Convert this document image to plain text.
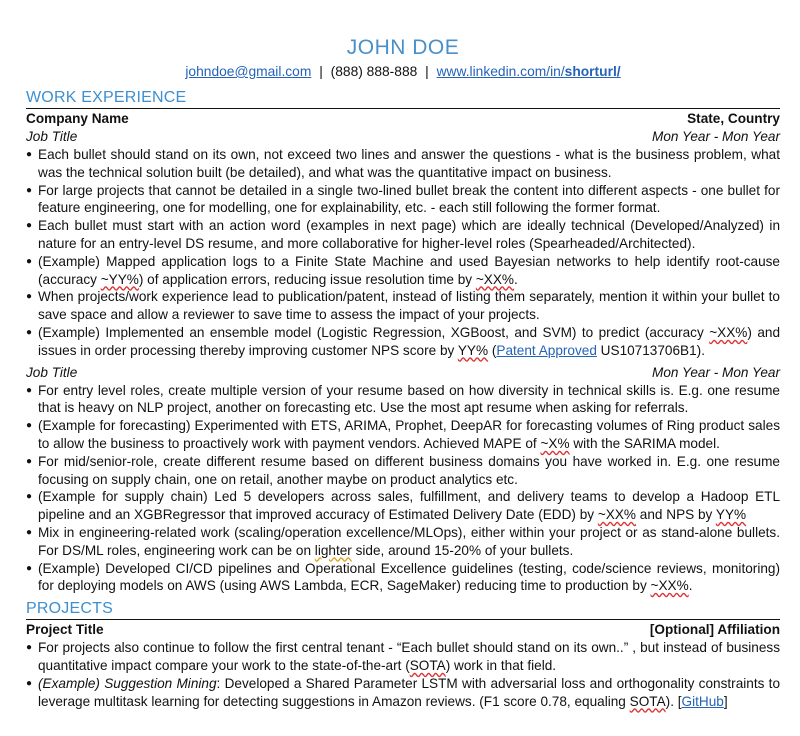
JOHN DOE
johndoe@gmail.com | (888) 888-888 | www.linkedin.com/in/shorturl/
WORK EXPERIENCE
Company Name	State, Country
Job Title	Mon Year - Mon Year
● Each bullet should stand on its own, not exceed two lines and answer the questions - what is the business problem, what was the technical solution built (be detailed), and what was the quantitative impact on business.
● For large projects that cannot be detailed in a single two-lined bullet break the content into different aspects - one bullet for feature engineering, one for modelling, one for explainability, etc. - each still following the former format.
● Each bullet must start with an action word (examples in next page) which are ideally technical (Developed/Analyzed) in nature for an entry-level DS resume, and more collaborative for higher-level roles (Spearheaded/Architected).
● (Example) Mapped application logs to a Finite State Machine and used Bayesian networks to help identify root-cause (accuracy ~YY%) of application errors, reducing issue resolution time by ~XX%.
● When projects/work experience lead to publication/patent, instead of listing them separately, mention it within your bullet to save space and allow a reviewer to save time to assess the impact of your projects.
● (Example) Implemented an ensemble model (Logistic Regression, XGBoost, and SVM) to predict (accuracy ~XX%) and issues in order processing thereby improving customer NPS score by YY% (Patent Approved US10713706B1).
Job Title	Mon Year - Mon Year
● For entry level roles, create multiple version of your resume based on how diversity in technical skills is. E.g. one resume that is heavy on NLP project, another on forecasting etc. Use the most apt resume when asking for referrals.
● (Example for forecasting) Experimented with ETS, ARIMA, Prophet, DeepAR for forecasting volumes of Ring product sales to allow the business to proactively work with payment vendors. Achieved MAPE of ~X% with the SARIMA model.
● For mid/senior-role, create different resume based on different business domains you have worked in. E.g. one resume focusing on supply chain, one on retail, another maybe on product analytics etc.
● (Example for supply chain) Led 5 developers across sales, fulfillment, and delivery teams to develop a Hadoop ETL pipeline and an XGBRegressor that improved accuracy of Estimated Delivery Date (EDD) by ~XX% and NPS by YY%
● Mix in engineering-related work (scaling/operation excellence/MLOps), either within your project or as stand-alone bullets. For DS/ML roles, engineering work can be on lighter side, around 15-20% of your bullets.
● (Example) Developed CI/CD pipelines and Operational Excellence guidelines (testing, code/science reviews, monitoring) for deploying models on AWS (using AWS Lambda, ECR, SageMaker) reducing time to production by ~XX%.
PROJECTS
Project Title	[Optional] Affiliation
● For projects also continue to follow the first central tenant - “Each bullet should stand on its own..” , but instead of business quantitative impact compare your work to the state-of-the-art (SOTA) work in that field.
● (Example) Suggestion Mining: Developed a Shared Parameter LSTM with adversarial loss and orthogonality constraints to leverage multitask learning for detecting suggestions in Amazon reviews. (F1 score 0.78, equaling SOTA). [GitHub]
